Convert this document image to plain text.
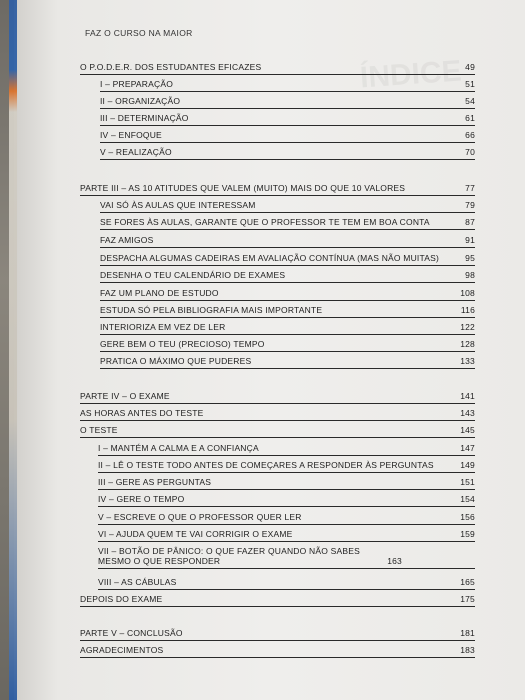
FAZ O CURSO NA MAIOR
O P.O.D.E.R. DOS ESTUDANTES EFICAZES	49
I – PREPARAÇÃO	51
II – ORGANIZAÇÃO	54
III – DETERMINAÇÃO	61
IV – ENFOQUE	66
V – REALIZAÇÃO	70
PARTE III – AS 10 ATITUDES QUE VALEM (MUITO) MAIS DO QUE 10 VALORES	77
VAI SÓ ÀS AULAS QUE INTERESSAM	79
SE FORES ÀS AULAS, GARANTE QUE O PROFESSOR TE TEM EM BOA CONTA	87
FAZ AMIGOS	91
DESPACHA ALGUMAS CADEIRAS EM AVALIAÇÃO CONTÍNUA (MAS NÃO MUITAS)	95
DESENHA O TEU CALENDÁRIO DE EXAMES	98
FAZ UM PLANO DE ESTUDO	108
ESTUDA SÓ PELA BIBLIOGRAFIA MAIS IMPORTANTE	116
INTERIORIZA EM VEZ DE LER	122
GERE BEM O TEU (PRECIOSO) TEMPO	128
PRATICA O MÁXIMO QUE PUDERES	133
PARTE IV – O EXAME	141
AS HORAS ANTES DO TESTE	143
O TESTE	145
I – MANTÉM A CALMA E A CONFIANÇA	147
II – LÊ O TESTE TODO ANTES DE COMEÇARES A RESPONDER ÀS PERGUNTAS	149
III – GERE AS PERGUNTAS	151
IV – GERE O TEMPO	154
V – ESCREVE O QUE O PROFESSOR QUER LER	156
VI – AJUDA QUEM TE VAI CORRIGIR O EXAME	159
VII – BOTÃO DE PÂNICO: O QUE FAZER QUANDO NÃO SABES MESMO O QUE RESPONDER	163
VIII – AS CÁBULAS	165
DEPOIS DO EXAME	175
PARTE V – CONCLUSÃO	181
AGRADECIMENTOS	183
